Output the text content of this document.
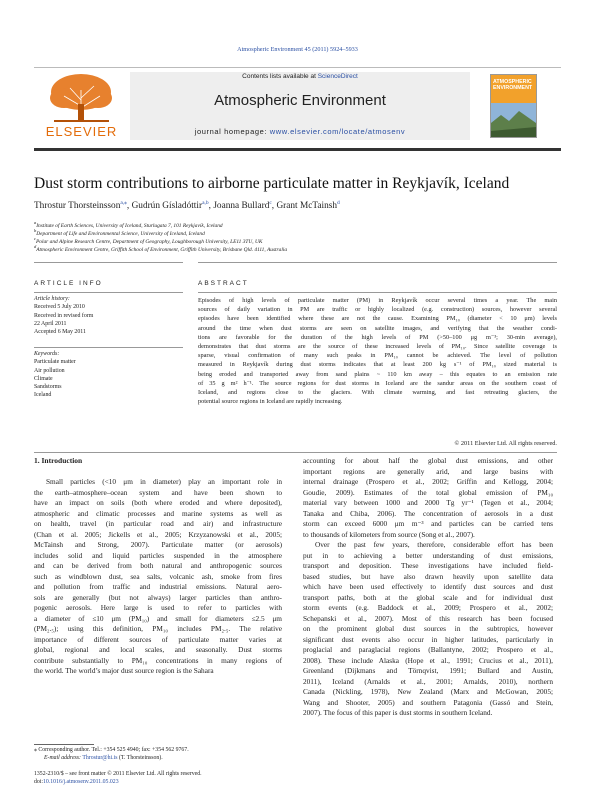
Atmospheric Environment 45 (2011) 5924–5933
ELSEVIER
Contents lists available at ScienceDirect
Atmospheric Environment
journal homepage: www.elsevier.com/locate/atmosenv
ATMOSPHERIC ENVIRONMENT
Dust storm contributions to airborne particulate matter in Reykjavík, Iceland
Throstur Thorsteinsson$^{a,⁎}$, Gudrún Gísladóttir$^{a,b}$, Joanna Bullard$^c$, Grant McTainsh$^d$
$^a$Institute of Earth Sciences, University of Iceland, Sturlugata 7, 101 Reykjavík, Iceland
$^b$Department of Life and Environmental Science, University of Iceland, Iceland
$^c$Polar and Alpine Research Centre, Department of Geography, Loughborough University, LE11 3TU, UK
$^d$Atmospheric Environment Centre, Griffith School of Environment, Griffith University, Brisbane Qld. 4111, Australia
ARTICLE INFO
Article history:
Received 5 July 2010
Received in revised form
22 April 2011
Accepted 6 May 2011
Keywords:
Particulate matter
Air pollution
Climate
Sandstorms
Iceland
ABSTRACT
Episodes of high levels of particulate matter (PM) in Reykjavík occur several times a year. The main
sources of daily variation in PM are traffic or highly localized (e.g. construction) sources, however several
episodes have been identified where these are not the cause. Examining PM₁₀ (diameter < 10 μm) levels
around the time when dust storms are seen on satellite images, and verifying that the weather condi-
tions are favorable for the duration of the high levels of PM (>50–100 μg m⁻³; 30-min average),
demonstrates that dust storms are the source of these increased levels of PM₁₀. Since satellite coverage is
sparse, visual confirmation of many such peaks in PM₁₀ cannot be achieved. The level of pollution
measured in Reykjavík during dust storms indicates that at least 200 kg s⁻¹ of PM₁₀ sized material is
being eroded and transported away from sand plains ~ 110 km away – this equates to an emission rate
of 35 g m² h⁻¹. The source regions for dust storms in Iceland are the sandur areas on the southern coast of
Iceland, and regions close to the glaciers. With climate warming, and fast retreating glaciers, the
potential source regions in Iceland are rapidly increasing.
© 2011 Elsevier Ltd. All rights reserved.
1. Introduction
Small particles (<10 μm in diameter) play an important role in
the earth–atmosphere–ocean system and have been shown to
have an impact on soils (both where eroded and where deposited),
atmospheric and climatic processes and marine systems as well as
on health, travel (in particular road and air) and infrastructure
(Chan et al. 2005; Jickells et al., 2005; Krzyzanowski et al., 2005;
McTainsh and Strong, 2007). Particulate matter (or aerosols)
includes solid and liquid particles suspended in the atmosphere
and can be derived from both natural and anthropogenic sources
such as windblown dust, sea salts, volcanic ash, smoke from fires
and pollution from traffic and industrial emissions. Natural aero-
sols are generally (but not always) larger particles than anthro-
pogenic aerosols. Here large is used to refer to particles with
a diameter of ≤10 μm (PM₁₀) and small for diameters ≤2.5 μm
(PM₂.₅); using this definition, PM₁₀ includes PM₂.₅. The relative
importance of different sources of particulate matter varies at
global, regional and local scales, and seasonally. Dust storms
contribute substantially to PM₁₀ concentrations in many regions of
the world. The world’s major dust source region is the Sahara
accounting for about half the global dust emissions, and other
important regions are generally arid, and large basins with
internal drainage (Prospero et al., 2002; Griffin and Kellogg, 2004;
Goudie, 2009). Estimates of the total global emission of PM₁₀
material vary between 1000 and 2000 Tg yr⁻¹ (Tegen et al., 2004;
Tanaka and Chiba, 2006). The concentration of aerosols in a dust
storm can exceed 6000 μm m⁻³ and particles can be carried tens
to thousands of kilometers from source (Song et al., 2007).
Over the past few years, therefore, considerable effort has been
put in to achieving a better understanding of dust emissions,
transport and deposition. These investigations have included field-
based studies, but have also drawn heavily upon satellite data
which have been used effectively to identify dust sources and dust
transport paths, both at the global scale and for individual dust
storm events (e.g. Baddock et al., 2009; Prospero et al., 2002;
Schepanski et al., 2007). Most of this research has been focused
on the prominent global dust sources in the subtropics, however
significant dust events also occur in higher latitudes, particularly in
proglacial and paraglacial regions (Ballantyne, 2002; Prospero et al.,
2008). These include Alaska (Hope et al., 1991; Crucius et al., 2011),
Greenland (Dijkmans and Törnqvist, 1991; Bullard and Austin,
2011), Iceland (Arnalds et al., 2001; Arnalds, 2010), northern
Canada (Nickling, 1978), New Zealand (Marx and McGowan, 2005;
Wang and Shooter, 2005) and southern Patagonia (Gassó and Stein,
2007). The focus of this paper is dust storms in southern Iceland.
⁎ Corresponding author. Tel.: +354 525 4940; fax: +354 562 9767.
E-mail address: Throstur@hi.is (T. Thorsteinsson).
1352-2310/$ – see front matter © 2011 Elsevier Ltd. All rights reserved.
doi:10.1016/j.atmosenv.2011.05.023
